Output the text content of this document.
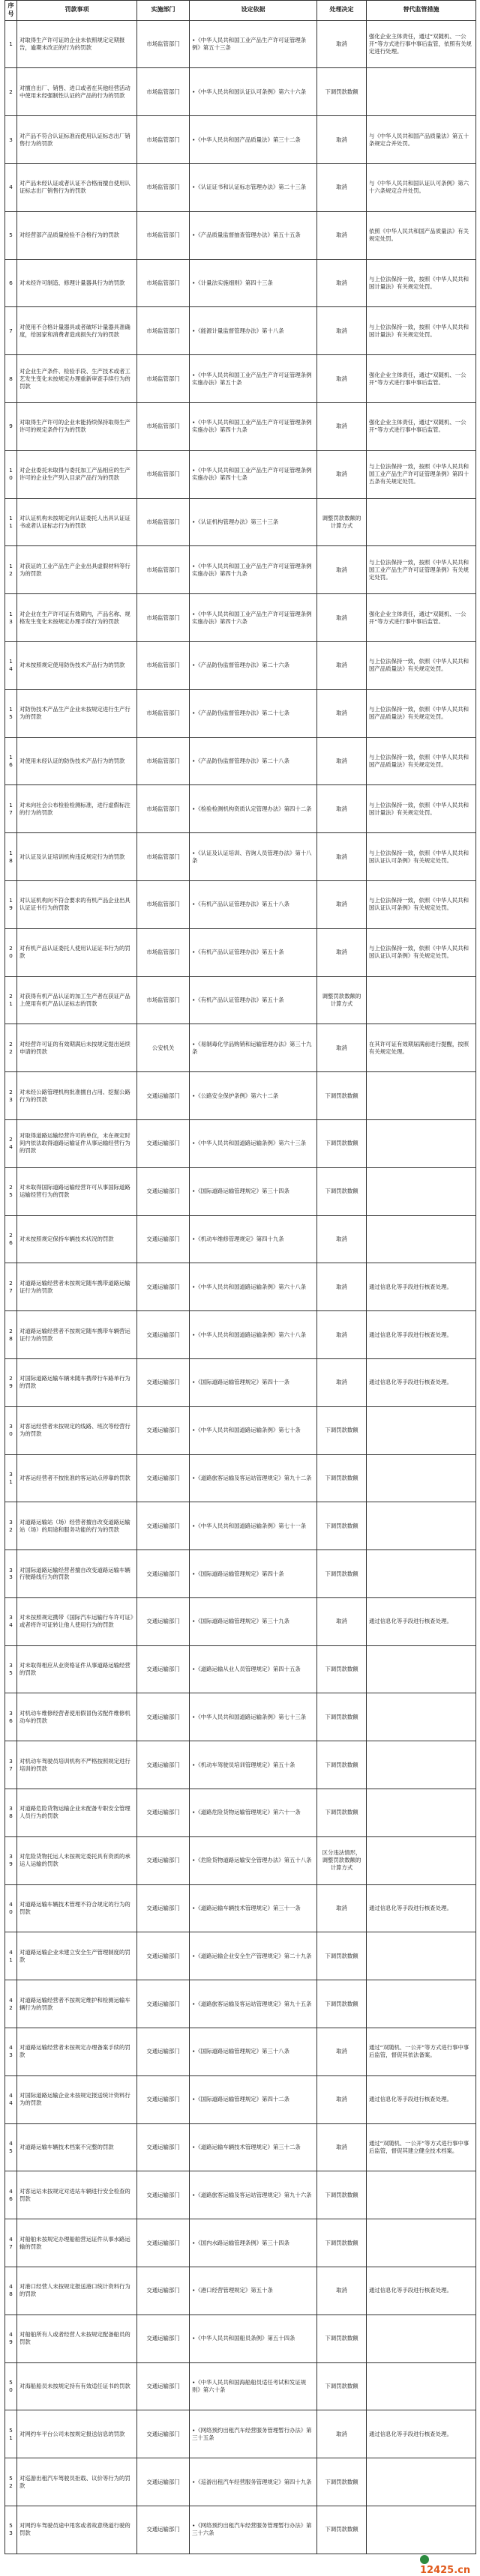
序号	罚款事项	实施部门	设定依据	处理决定	替代监管措施
1	对取得生产许可证的企业未依照规定定期报告，逾期未改正的行为的罚款	市场监管部门	•《中华人民共和国工业产品生产许可证管理条例》第五十三条	取消	强化企业主体责任，通过“双随机、一公开”等方式进行事中事后监管，依照有关规定进行处理。
2	对擅自出厂、销售、进口或者在其他经营活动中使用未经强制性认证的产品的行为的罚款	市场监管部门	•《中华人民共和国认证认可条例》第六十六条	下调罚款数额	
3	对产品不符合认证标准而使用认证标志出厂销售行为的罚款	市场监管部门	•《中华人民共和国产品质量法》第三十二条	取消	与《中华人民共和国产品质量法》第五十条规定合并处罚。
4	对产品未经认证或者认证不合格而擅自使用认证标志出厂销售行为的罚款	市场监管部门	•《认证证书和认证标志管理办法》第二十三条	取消	与《中华人民共和国认证认可条例》第六十六条规定合并处罚。
5	对经营部产品质量检验不合格行为的罚款	市场监管部门	•《产品质量监督抽查管理办法》第五十五条	取消	依照《中华人民共和国产品质量法》有关规定处罚。
6	对未经许可制造、修理计量器具行为的罚款	市场监管部门	•《计量法实施细则》第四十三条	取消	与上位法保持一致，按照《中华人民共和国计量法》有关规定处罚。
7	对使用不合格计量器具或者破坏计量器具准确度，给国家和消费者造成损失行为的罚款	市场监管部门	•《能源计量监督管理办法》第十八条	取消	与上位法保持一致，按照《中华人民共和国计量法》有关规定处罚。
8	对企业生产条件、检验手段、生产技术或者工艺发生变化未按规定办理重新审查手续行为的罚款	市场监管部门	•《中华人民共和国工业产品生产许可证管理条例实施办法》第五十条	取消	强化企业主体责任，通过“双随机、一公开”等方式进行事中事后监管。
9	对取得生产许可的企业未能持续保持取得生产许可的规定条件行为的罚款	市场监管部门	•《中华人民共和国工业产品生产许可证管理条例实施办法》第四十九条	取消	强化企业主体责任，通过“双随机、一公开”等方式进行事中事后监管。
10	对企业委托未取得与委托加工产品相应的生产许可的企业生产列入目录产品行为的罚款	市场监管部门	•《中华人民共和国工业产品生产许可证管理条例实施办法》第四十七条	取消	与上位法保持一致，按照《中华人民共和国工业产品生产许可证管理条例》第四十五条有关规定处罚。
11	对认证机构未按规定向认证委托人出具认证证书或者认证标志行为的罚款	市场监管部门	•《认证机构管理办法》第三十三条	调整罚款数额的计算方式	
12	对获证的工业产品生产企业出具虚假材料等行为的罚款	市场监管部门	•《中华人民共和国工业产品生产许可证管理条例实施办法》第四十九条	取消	与上位法保持一致，按照《中华人民共和国工业产品生产许可证管理条例》有关规定处罚。
13	对企业在生产许可证有效期内，产品名称、规格发生变化未按规定办理手续行为的罚款	市场监管部门	•《中华人民共和国工业产品生产许可证管理条例实施办法》第四十六条	取消	强化企业主体责任，通过“双随机、一公开”等方式进行事中事后监管。
14	对未按照规定使用防伪技术产品行为的罚款	市场监管部门	•《产品防伪监督管理办法》第二十六条	取消	与上位法保持一致，依照《中华人民共和国产品质量法》有关规定处罚。
15	对防伪技术产品生产企业未按规定进行生产行为的罚款	市场监管部门	•《产品防伪监督管理办法》第二十七条	取消	与上位法保持一致，依照《中华人民共和国产品质量法》有关规定处罚。
16	对使用未经认证的防伪技术产品行为的罚款	市场监管部门	•《产品防伪监督管理办法》第二十八条	取消	与上位法保持一致，依照《中华人民共和国产品质量法》有关规定处罚。
17	对未向社会公布检验检测标准，进行虚假标注的行为的罚款	市场监管部门	•《检验检测机构资质认定管理办法》第四十二条	取消	与上位法保持一致，依照《中华人民共和国计量法》有关规定处罚。
18	对认证及认证培训机构违反规定行为的罚款	市场监管部门	•《认证及认证培训、咨询人员管理办法》第十八条	取消	与上位法保持一致，依照《中华人民共和国认证认可条例》有关规定处罚。
19	对认证机构向不符合要求的有机产品企业出具认证证书行为的罚款	市场监管部门	•《有机产品认证管理办法》第五十八条	取消	与上位法保持一致，依照《中华人民共和国认证认可条例》有关规定处罚。
20	对有机产品认证委托人使用认证证书行为的罚款	市场监管部门	•《有机产品认证管理办法》第五十条	取消	与上位法保持一致，依照《中华人民共和国认证认可条例》有关规定处罚。
21	对获得有机产品认证的加工生产者在获证产品上使用有机产品认证标志的罚款	市场监管部门	•《有机产品认证管理办法》第五十条	调整罚款数额的计算方式	
22	对经营许可证的有效期满后未按规定提出延续申请的罚款	公安机关	•《易制毒化学品购销和运输管理办法》第三十九条	取消	在其许可证有效期届满前进行提醒，按照有关规定处理。
23	对未经公路管理机构批准擅自占用、挖掘公路行为的罚款	交通运输部门	•《公路安全保护条例》第六十二条	下调罚款数额	
24	对取得道路运输经营许可的单位，未在规定时间内依法取得道路运输证件从事运输经营行为的罚款	交通运输部门	•《中华人民共和国道路运输条例》第六十三条	下调罚款数额	
25	对未取得国际道路运输经营许可从事国际道路运输经营行为的罚款	交通运输部门	•《国际道路运输管理规定》第三十四条	下调罚款数额	
26	对未按照规定保持车辆技术状况的罚款	交通运输部门	•《机动车维修管理规定》第四十九条	取消	
27	对道路运输经营者未按规定随车携带道路运输证行为的罚款	交通运输部门	•《中华人民共和国道路运输条例》第六十八条	取消	通过信息化等手段进行核查处理。
28	对道路运输经营者不按规定随车携带车辆营运证行为的罚款	交通运输部门	•《中华人民共和国道路运输条例》第六十八条	取消	通过信息化等手段进行核查处理。
29	对国际道路运输车辆未随车携带行车路单行为的罚款	交通运输部门	•《国际道路运输管理规定》第四十一条	取消	通过信息化等手段进行核查处理。
30	对客运经营者未按规定的线路、班次等经营行为的罚款	交通运输部门	•《中华人民共和国道路运输条例》第七十条	下调罚款数额	
31	对客运经营者不按批准的客运站点停靠的罚款	交通运输部门	•《道路旅客运输及客运站管理规定》第九十二条	下调罚款数额	
32	对道路运输站（场）经营者擅自改变道路运输站（场）的用途和服务功能的行为的罚款	交通运输部门	•《中华人民共和国道路运输条例》第七十一条	下调罚款数额	
33	对国际道路运输经营者擅自改变道路运输车辆行驶路线行为的罚款	交通运输部门	•《国际道路运输管理规定》第四十条	下调罚款数额	
34	对未按照规定携带《国际汽车运输行车许可证》或者将许可证转让他人使用行为的罚款	交通运输部门	•《国际道路运输管理规定》第三十九条	取消	通过信息化等手段进行核查处理。
35	对未取得相应从业资格证件从事道路运输经营的罚款	交通运输部门	•《道路运输从业人员管理规定》第四十五条	下调罚款数额	
36	对机动车维修经营者使用假冒伪劣配件维修机动车的罚款	交通运输部门	•《中华人民共和国道路运输条例》第七十三条	下调罚款数额	
37	对机动车驾驶员培训机构不严格按照规定进行培训的罚款	交通运输部门	•《机动车驾驶员培训管理规定》第五十条	下调罚款数额	
38	对道路危险货物运输企业未配备专职安全管理人员行为的罚款	交通运输部门	•《道路危险货物运输管理规定》第六十一条	下调罚款数额	
39	对危险货物托运人未按规定委托具有资质的承运人运输的罚款	交通运输部门	•《危险货物道路运输安全管理办法》第五十八条	区分违法情形，调整罚款数额的计算方式	
40	对道路运输车辆技术管理不符合规定的行为的罚款	交通运输部门	•《道路运输车辆技术管理规定》第三十一条	取消	通过信息化等手段进行核查处理。
41	对道路运输企业未建立安全生产管理制度的罚款	交通运输部门	•《道路运输企业安全生产管理规定》第二十九条	下调罚款数额	
42	对道路运输经营者不按规定维护和检测运输车辆行为的罚款	交通运输部门	•《道路旅客运输及客运站管理规定》第九十五条	下调罚款数额	
43	对道路运输经营者未按规定办理备案手续的罚款	交通运输部门	•《国际道路运输管理规定》第三十八条	取消	通过“双随机、一公开”等方式进行事中事后监管，督促其依法备案。
44	对国际道路运输企业未按规定报送统计资料行为的罚款	交通运输部门	•《国际道路运输管理规定》第四十二条	取消	通过信息化等手段进行核查处理。
45	对道路运输车辆技术档案不完整的罚款	交通运输部门	•《道路运输车辆技术管理规定》第三十二条	取消	通过“双随机、一公开”等方式进行事中事后监管，督促其建立健全技术档案。
46	对客运站未按规定对进站车辆进行安全检查的罚款	交通运输部门	•《道路旅客运输及客运站管理规定》第九十六条	下调罚款数额	
47	对船舶未按规定办理船舶营运证件从事水路运输的罚款	交通运输部门	•《国内水路运输管理条例》第三十四条	下调罚款数额	
48	对港口经营人未按规定报送港口统计资料行为的罚款	交通运输部门	•《港口经营管理规定》第五十条	取消	通过信息化等手段进行核查处理。
49	对船舶所有人或者经营人未按规定配备船员的罚款	交通运输部门	•《中华人民共和国船员条例》第五十四条	下调罚款数额	
50	对海船船员未按规定持有有效适任证书的罚款	交通运输部门	•《中华人民共和国海船船员适任考试和发证规则》第六十条	下调罚款数额	
51	对网约车平台公司未按规定报送信息的罚款	交通运输部门	•《网络预约出租汽车经营服务管理暂行办法》第三十五条	取消	通过信息化等手段进行核查处理。
52	对巡游出租汽车驾驶员拒载、议价等行为的罚款	交通运输部门	•《巡游出租汽车经营服务管理规定》第四十九条	下调罚款数额	
53	对网约车驾驶员途中甩客或者故意绕道行驶的罚款	交通运输部门	•《网络预约出租汽车经营服务管理暂行办法》第三十六条	下调罚款数额	
12425.cn
